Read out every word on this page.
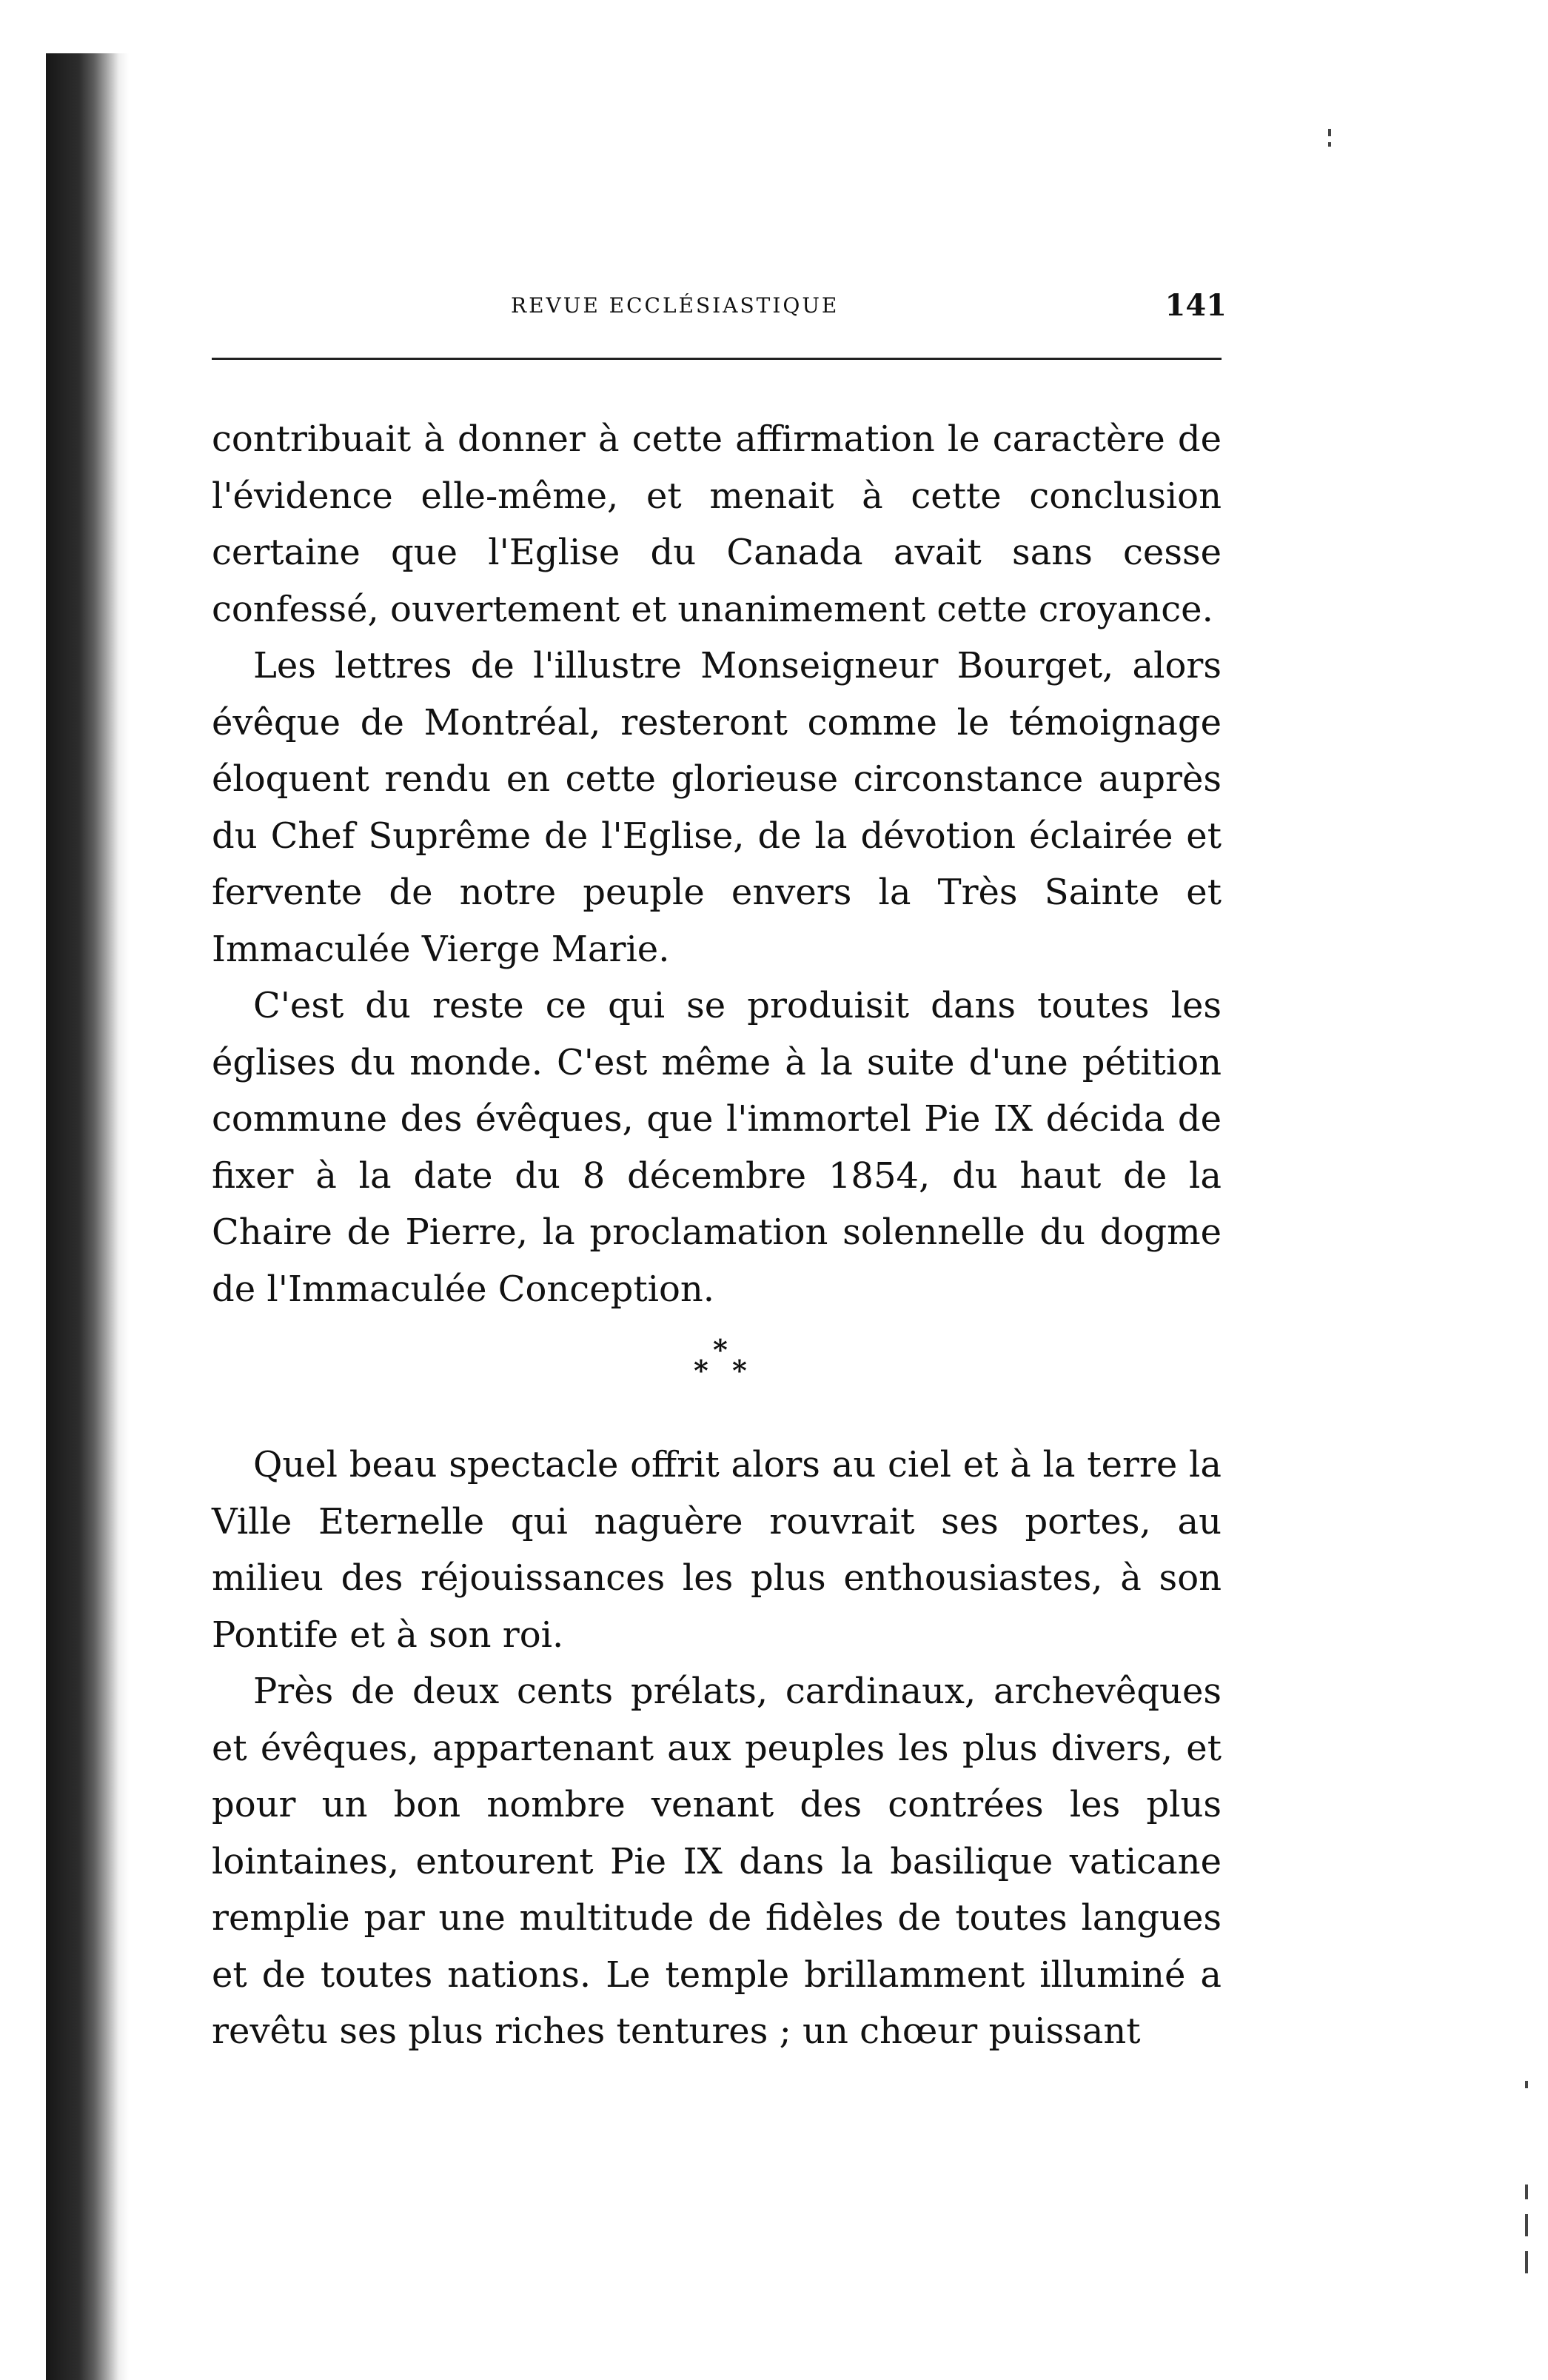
REVUE ECCLÉSIASTIQUE	141

contribuait à donner à cette affirmation le caractère de l'évidence elle-même, et menait à cette conclusion certaine que l'Eglise du Canada avait sans cesse confessé, ouvertement et unanimement cette croyance.

Les lettres de l'illustre Monseigneur Bourget, alors évêque de Montréal, resteront comme le témoignage éloquent rendu en cette glorieuse circonstance auprès du Chef Suprême de l'Eglise, de la dévotion éclairée et fervente de notre peuple envers la Très Sainte et Immaculée Vierge Marie.

C'est du reste ce qui se produisit dans toutes les églises du monde. C'est même à la suite d'une pétition commune des évêques, que l'immortel Pie IX décida de fixer à la date du 8 décembre 1854, du haut de la Chaire de Pierre, la proclamation solennelle du dogme de l'Immaculée Conception.

*
* *

Quel beau spectacle offrit alors au ciel et à la terre la Ville Eternelle qui naguère rouvrait ses portes, au milieu des réjouissances les plus enthousiastes, à son Pontife et à son roi.

Près de deux cents prélats, cardinaux, archevêques et évêques, appartenant aux peuples les plus divers, et pour un bon nombre venant des contrées les plus lointaines, entourent Pie IX dans la basilique vaticane remplie par une multitude de fidèles de toutes langues et de toutes nations. Le temple brillamment illuminé a revêtu ses plus riches tentures ; un chœur puissant
